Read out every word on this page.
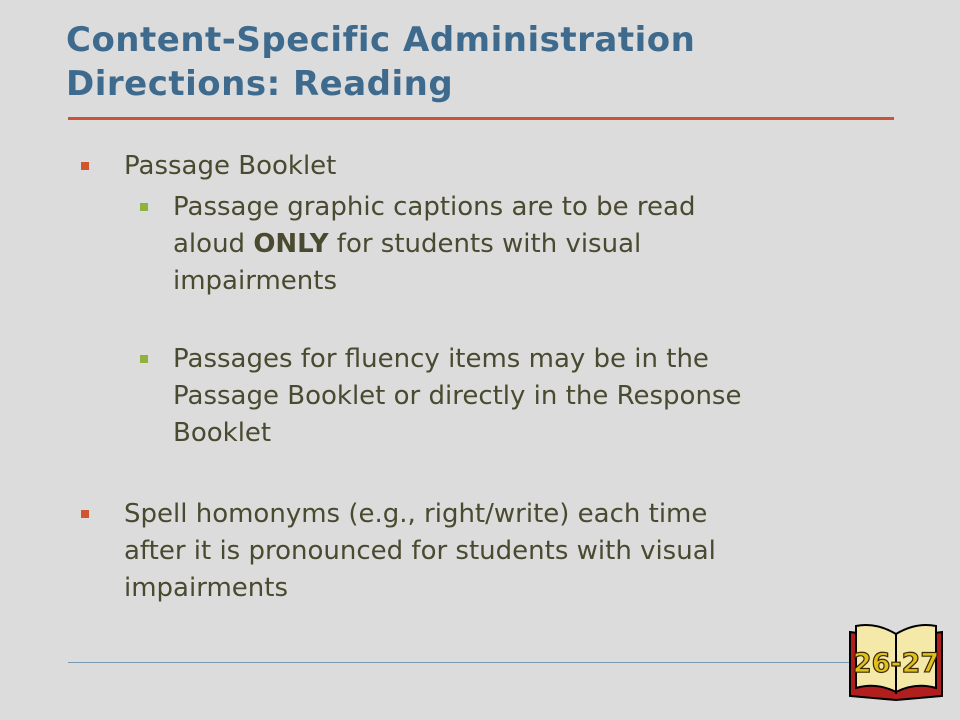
Content-Specific Administration
Directions: Reading
Passage Booklet
Passage graphic captions are to be read
aloud ONLY for students with visual
impairments
Passages for fluency items may be in the
Passage Booklet or directly in the Response
Booklet
Spell homonyms (e.g., right/write) each time
after it is pronounced for students with visual
impairments
26-27
